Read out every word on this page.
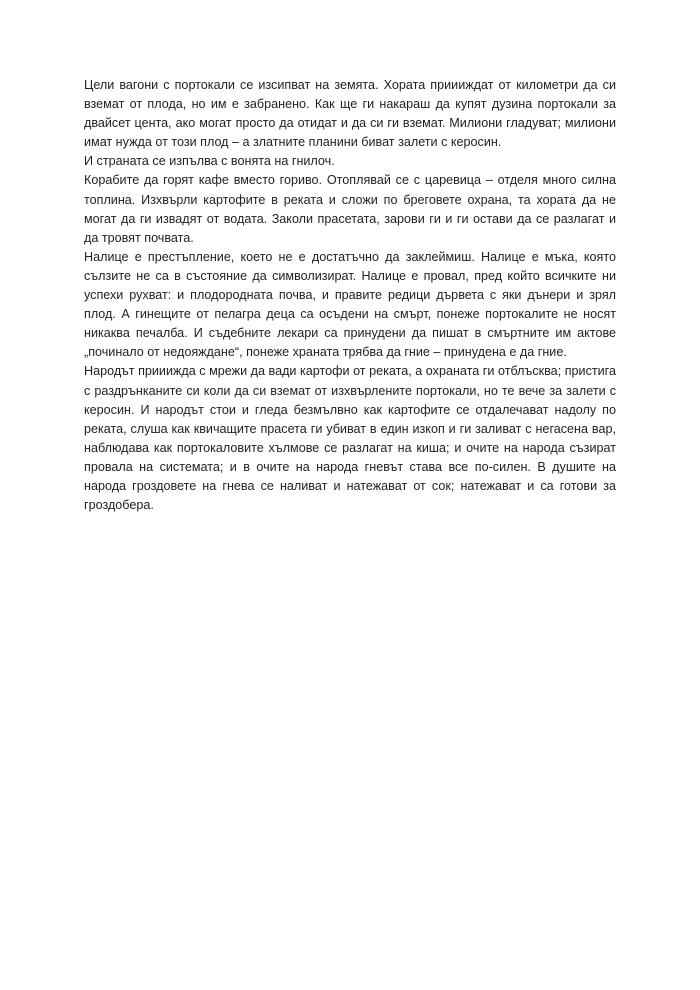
Цели вагони с портокали се изсипват на земята. Хората приииждат от километри да си вземат от плода, но им е забранено. Как ще ги накараш да купят дузина портокали за двайсет цента, ако могат просто да отидат и да си ги вземат. Милиони гладуват; милиони имат нужда от този плод – а златните планини биват залети с керосин.

И страната се изпълва с вонята на гнилоч.

Корабите да горят кафе вместо гориво. Отоплявай се с царевица – отделя много силна топлина. Изхвърли картофите в реката и сложи по бреговете охрана, та хората да не могат да ги извадят от водата. Заколи прасетата, зарови ги и ги остави да се разлагат и да тровят почвата.

Налице е престъпление, което не е достатъчно да заклеймиш. Налице е мъка, която сълзите не са в състояние да символизират. Налице е провал, пред който всичките ни успехи рухват: и плодородната почва, и правите редици дървета с яки дънери и зрял плод. А гинещите от пелагра деца са осъдени на смърт, понеже портокалите не носят никаква печалба. И съдебните лекари са принудени да пишат в смъртните им актове „починало от недояждане“, понеже храната трябва да гние – принудена е да гние.

Народът приииждa с мрежи да вади картофи от реката, а охраната ги отблъсква; пристига с раздрънканите си коли да си вземат от изхвърлените портокали, но те вече за залети с керосин. И народът стои и гледа безмълвно как картофите се отдалечават надолу по реката, слуша как квичащите прасета ги убиват в един изкоп и ги заливат с негасена вар, наблюдава как портокаловите хълмове се разлагат на киша; и очите на народа съзират провала на системата; и в очите на народа гневът става все по-силен. В душите на народа гроздовете на гнева се наливат и натежават от сок; натежават и са готови за гроздобера.
